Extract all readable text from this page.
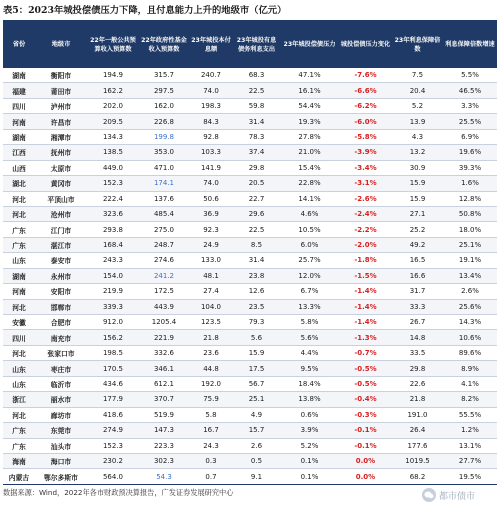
表5：2023年城投偿债压力下降，且付息能力上升的地级市（亿元）
省份	地级市	22年一般公共预算收入预算数	22年政府性基金收入预算数	23年城投本付息额	23年城投有息债务利息支出	23年城投偿债压力	城投偿债压力变化	23年利息保障倍数	利息保障倍数增速
湖南	衡阳市	194.9	315.7	240.7	68.3	47.1%	-7.6%	7.5	5.5%
福建	莆田市	162.2	297.5	74.0	22.5	16.1%	-6.6%	20.4	46.5%
四川	泸州市	202.0	162.0	198.3	59.8	54.4%	-6.2%	5.2	3.3%
河南	许昌市	209.5	226.8	84.3	31.4	19.3%	-6.0%	13.9	25.5%
湖南	湘潭市	134.3	199.8	92.8	78.3	27.8%	-5.8%	4.3	6.9%
江西	抚州市	138.5	353.0	103.3	37.4	21.0%	-3.9%	13.2	19.6%
山西	太原市	449.0	471.0	141.9	29.8	15.4%	-3.4%	30.9	39.3%
湖北	黄冈市	152.3	174.1	74.0	20.5	22.8%	-3.1%	15.9	1.6%
河北	平顶山市	222.4	137.6	50.6	22.7	14.1%	-2.6%	15.9	12.8%
河北	沧州市	323.6	485.4	36.9	29.6	4.6%	-2.4%	27.1	50.8%
广东	江门市	293.8	275.0	92.3	22.5	10.5%	-2.2%	25.2	18.0%
广东	湛江市	168.4	248.7	24.9	8.5	6.0%	-2.0%	49.2	25.1%
山东	泰安市	243.3	274.6	133.0	31.4	25.7%	-1.8%	16.5	19.1%
湖南	永州市	154.0	241.2	48.1	23.8	12.0%	-1.5%	16.6	13.4%
河南	安阳市	219.9	172.5	27.4	12.6	6.7%	-1.4%	31.7	2.6%
河北	邯郸市	339.3	443.9	104.0	23.5	13.3%	-1.4%	33.3	25.6%
安徽	合肥市	912.0	1205.4	123.5	79.3	5.8%	-1.4%	26.7	14.3%
四川	南充市	156.2	221.9	21.8	5.6	5.6%	-1.3%	14.8	10.6%
河北	张家口市	198.5	332.6	23.6	15.9	4.4%	-0.7%	33.5	89.6%
山东	枣庄市	170.5	346.1	44.8	17.5	9.5%	-0.5%	29.8	8.9%
山东	临沂市	434.6	612.1	192.0	56.7	18.4%	-0.5%	22.6	4.1%
浙江	丽水市	177.9	370.7	75.9	25.1	13.8%	-0.4%	21.8	8.2%
河北	廊坊市	418.6	519.9	5.8	4.9	0.6%	-0.3%	191.0	55.5%
广东	东莞市	274.9	147.3	16.7	15.7	3.9%	-0.1%	26.4	1.2%
广东	汕头市	152.3	223.3	24.3	2.6	5.2%	-0.1%	177.6	13.1%
海南	海口市	230.2	302.3	0.3	0.5	0.1%	0.0%	1019.5	27.7%
内蒙古	鄂尔多斯市	564.0	54.3	0.7	9.1	0.1%	0.0%	68.2	19.5%
数据来源：Wind，2022年各市财政预决算报告，广发证券发展研究中心	都市债市
